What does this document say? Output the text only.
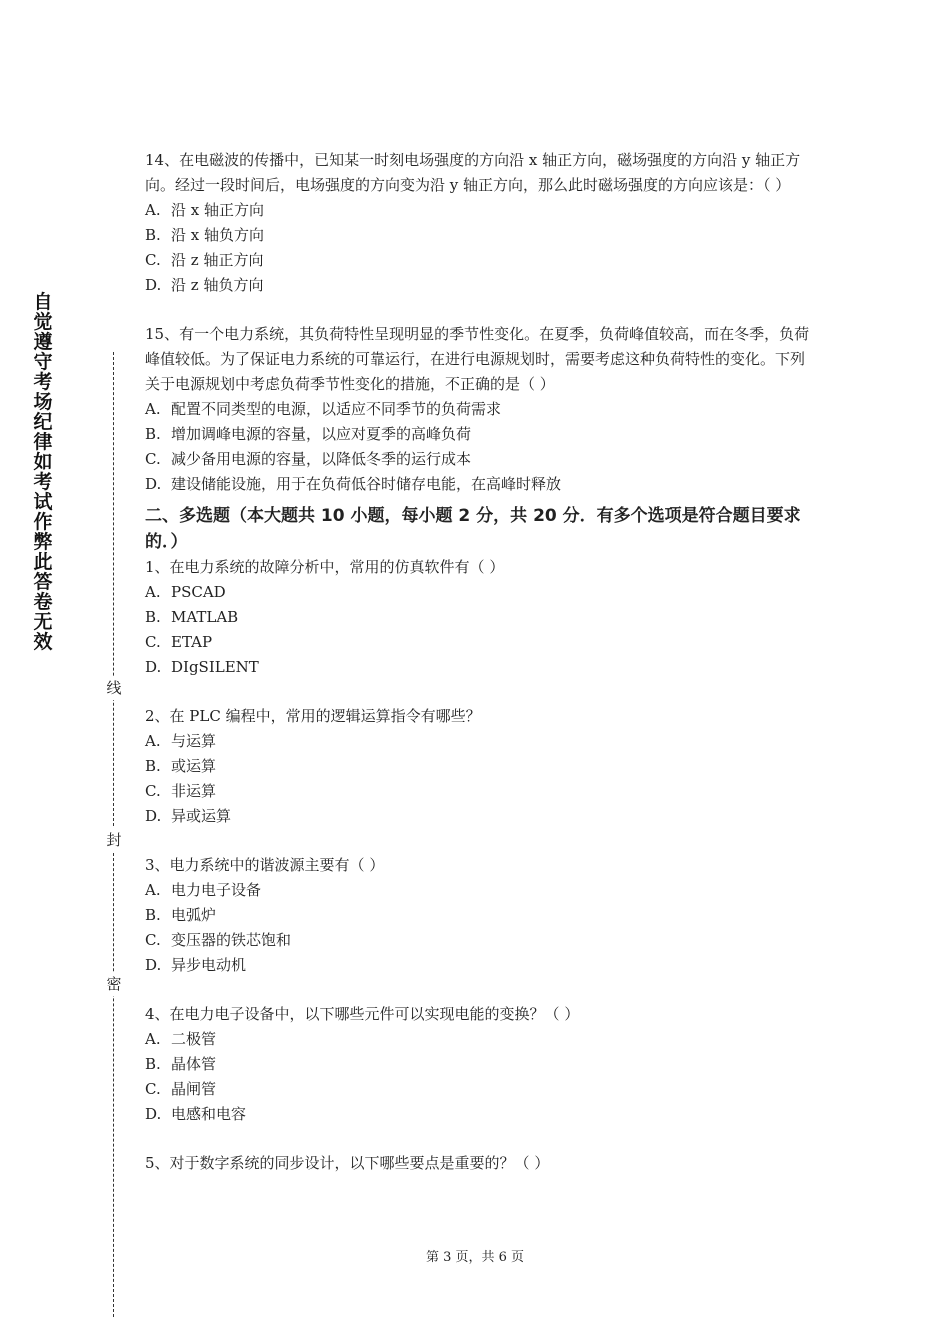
自觉遵守考场纪律如考试作弊此答卷无效
线
封
密

14、在电磁波的传播中，已知某一时刻电场强度的方向沿 x 轴正方向，磁场强度的方向沿 y 轴正方向。经过一段时间后，电场强度的方向变为沿 y 轴正方向，那么此时磁场强度的方向应该是：（ ）

A. 沿 x 轴正方向

B. 沿 x 轴负方向

C. 沿 z 轴正方向

D. 沿 z 轴负方向

15、有一个电力系统，其负荷特性呈现明显的季节性变化。在夏季，负荷峰值较高，而在冬季，负荷峰值较低。为了保证电力系统的可靠运行，在进行电源规划时，需要考虑这种负荷特性的变化。下列关于电源规划中考虑负荷季节性变化的措施，不正确的是（ ）

A. 配置不同类型的电源，以适应不同季节的负荷需求

B. 增加调峰电源的容量，以应对夏季的高峰负荷

C. 减少备用电源的容量，以降低冬季的运行成本

D. 建设储能设施，用于在负荷低谷时储存电能，在高峰时释放

二、多选题（本大题共 10 小题，每小题 2 分，共 20 分．有多个选项是符合题目要求的．）

1、在电力系统的故障分析中，常用的仿真软件有（ ）

A. PSCAD

B. MATLAB

C. ETAP

D. DIgSILENT

2、在 PLC 编程中，常用的逻辑运算指令有哪些？

A. 与运算

B. 或运算

C. 非运算

D. 异或运算

3、电力系统中的谐波源主要有（ ）

A. 电力电子设备

B. 电弧炉

C. 变压器的铁芯饱和

D. 异步电动机

4、在电力电子设备中，以下哪些元件可以实现电能的变换？（ ）

A. 二极管

B. 晶体管

C. 晶闸管

D. 电感和电容

5、对于数字系统的同步设计，以下哪些要点是重要的？（ ）

第 3 页，共 6 页
